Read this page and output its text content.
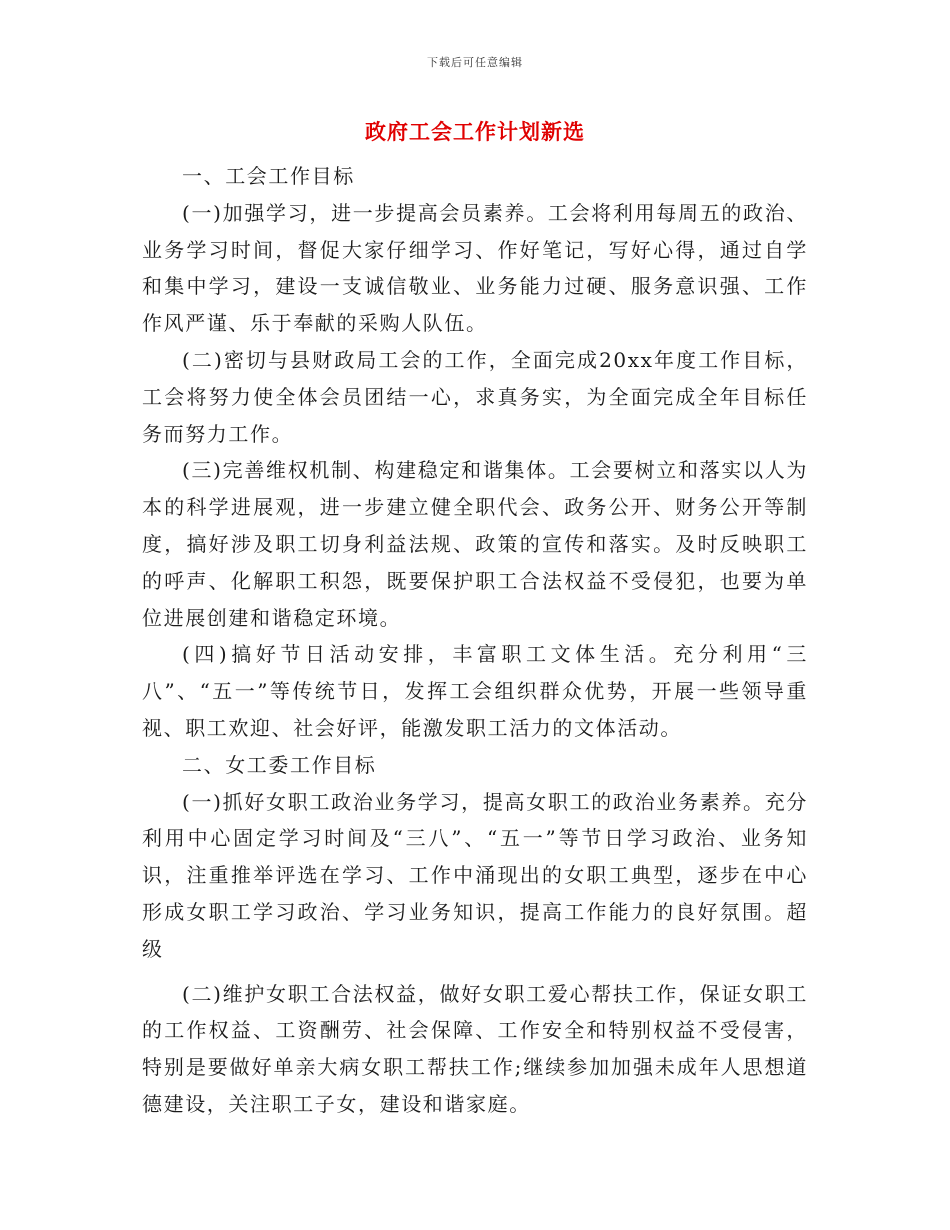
下载后可任意编辑
政府工会工作计划新选

一、工会工作目标

(一)加强学习，进一步提高会员素养。工会将利用每周五的政治、业务学习时间，督促大家仔细学习、作好笔记，写好心得，通过自学和集中学习，建设一支诚信敬业、业务能力过硬、服务意识强、工作作风严谨、乐于奉献的采购人队伍。

(二)密切与县财政局工会的工作，全面完成20xx年度工作目标，工会将努力使全体会员团结一心，求真务实，为全面完成全年目标任务而努力工作。

(三)完善维权机制、构建稳定和谐集体。工会要树立和落实以人为本的科学进展观，进一步建立健全职代会、政务公开、财务公开等制度，搞好涉及职工切身利益法规、政策的宣传和落实。及时反映职工的呼声、化解职工积怨，既要保护职工合法权益不受侵犯，也要为单位进展创建和谐稳定环境。

(四)搞好节日活动安排，丰富职工文体生活。充分利用“三八”、“五一”等传统节日，发挥工会组织群众优势，开展一些领导重视、职工欢迎、社会好评，能激发职工活力的文体活动。

二、女工委工作目标

(一)抓好女职工政治业务学习，提高女职工的政治业务素养。充分利用中心固定学习时间及“三八”、“五一”等节日学习政治、业务知识，注重推举评选在学习、工作中涌现出的女职工典型，逐步在中心形成女职工学习政治、学习业务知识，提高工作能力的良好氛围。超级

(二)维护女职工合法权益，做好女职工爱心帮扶工作，保证女职工的工作权益、工资酬劳、社会保障、工作安全和特别权益不受侵害，特别是要做好单亲大病女职工帮扶工作;继续参加加强未成年人思想道德建设，关注职工子女，建设和谐家庭。
